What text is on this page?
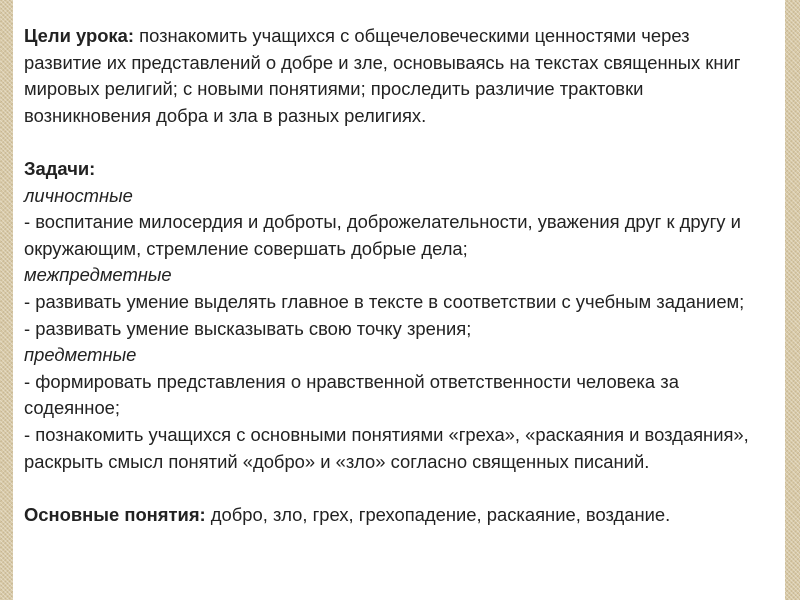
Цели урока: познакомить учащихся с общечеловеческими ценностями через развитие их представлений о добре и зле, основываясь на текстах священных книг мировых религий; с новыми понятиями; проследить различие трактовки возникновения добра и зла в разных религиях.

Задачи:

личностные

- воспитание милосердия и доброты, доброжелательности, уважения друг к другу и окружающим, стремление совершать добрые дела;

межпредметные

- развивать умение выделять главное в тексте в соответствии с учебным заданием;

- развивать умение высказывать свою точку зрения;

предметные

- формировать представления о нравственной ответственности человека за содеянное;

- познакомить учащихся с основными понятиями «греха», «раскаяния и воздаяния», раскрыть смысл понятий «добро» и «зло» согласно священных писаний.

Основные понятия: добро, зло, грех, грехопадение, раскаяние, воздание.
